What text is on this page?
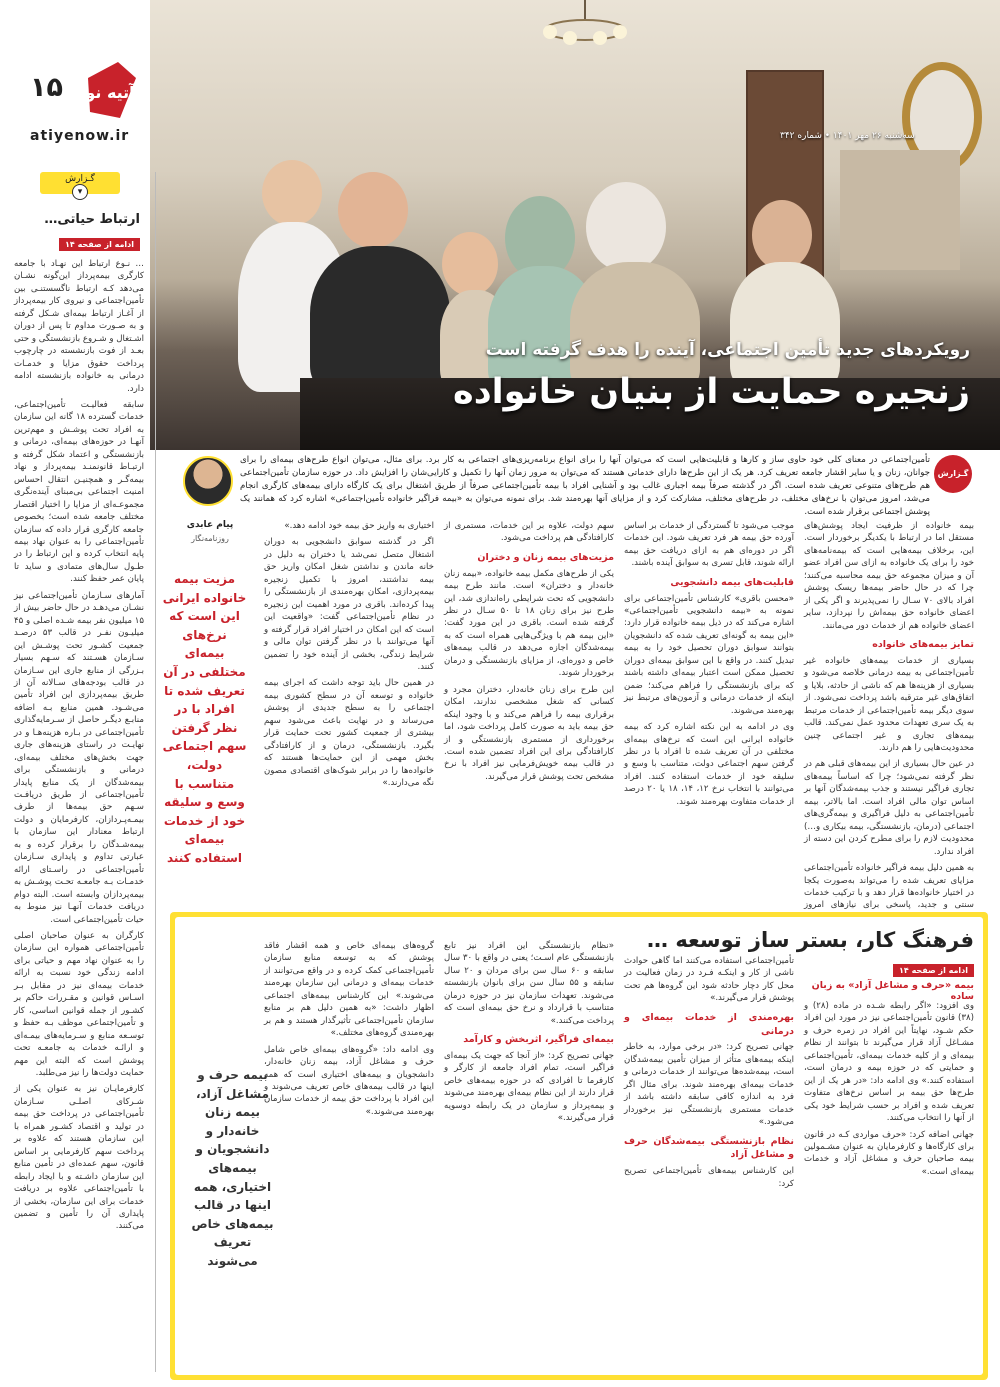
۱۵ آتیه نو
atiyenow.ir
رویکردهای جدید تأمین اجتماعی، آینده را هدف گرفته است
زنجیره حمایت از بنیان خانواده
سه‌شنبه ۲۶ مهر ۱۴۰۱ • شماره ۳۴۲
گـزارش
▾
ارتباط حیاتی…
ادامه از صفحه ۱۴

… نـوع ارتباط این نهـاد با جامعه کارگری بیمه‌پرداز این‌گونه نشـان می‌دهد کـه ارتباط ناگسستنـی بین تأمین‌اجتماعی و نیروی کار بیمه‌پرداز از آغـاز ارتباط بیمه‌ای شـکل گرفته و به صـورت مداوم تا پس از دوران اشـتغال و شـروع بازنشستگی و حتی بعـد از فوت بازنشسته در چارچوب پرداخت حقوق مزایا و خدمـات درمانی به خانواده بازنشسته ادامه دارد.

سابقه فعالیـت تأمین‌اجتماعی، خدمات گسترده ۱۸ گانه این سازمان به افراد تحت پوشـش و مهم‌ترین آنهـا در حوزه‌های بیمه‌ای، درمانی و بازنشستگی و اعتماد شکل گرفته و ارتبـاط قانونمنـد بیمه‌پرداز و نهاد بیمه‌گـر و همچنیـن انتقال احساس امنیت اجتماعی بی‌مبنای آینده‌نگری مجموعـه‌ای از مزایا را اختیار اقتصار مختلف جامعه شده است؛ بخصوص جامعه کارگری قرار داده که سازمان تأمین‌اجتماعی را به عنوان نهاد بیمه پایه انتخاب کرده و این ارتباط را در طـول سال‌های متمادی و ساید تا پایان عمر حفظ کنند.

آمارهای سـازمان تأمین‌اجتماعی نیز نشـان می‌دهـد در حال حاضر بیش از ۱۵ میلیون نفر بیمه شـده اصلی و ۴۵ میلیـون نفـر در قالب ۵۳ درصـد جمعیت کشـور تحت پوشـش این سـازمان هسـتند که سـهم بسیار بـزرگی از منابع جاری این سـازمان در قالب بودجه‌های سـالانه آن از طریق بیمه‌پردازی این افراد تأمین می‌شـود. همین منابع بـه اضافه منابـع دیگـر حاصل از سـرمایه‌گذاری تأمین‌اجتماعی در بـاره هزینه‌هـا و در نهایـت در راستای هزینه‌های جاری جهت بخش‌های مختلف بیمه‌ای، درمانی و بازنشستگی برای بیمه‌شدگان از یک منابع پایدار تأمین‌اجتماعی از طریق دریافـت سـهم حق بیمه‌ها از طرف بیمـه‌پـردازان، کارفرمایان و دولت ارتباط معنادار این سازمان با بیمه‌شـدگان را برقرار کرده و به عبارتی تداوم و پایداری سـازمان تأمین‌اجتماعی در راسـتای ارائه خدمـات بـه جامعـه تحـت پوشـش به بیمه‌پردازان وابسته است. البته دوام دریافت خدمات آنهـا نیز منوط به حیات تأمین‌اجتماعی است.

کارگران به عنوان صاحبان اصلی تأمین‌اجتماعی همواره این سازمان را به عنوان نهاد مهم و حیاتی برای ادامه زندگی خود نسبت به ارائه خدمات بیمه‌ای نیز در مقابل بـر اسـاس قوانین و مقـررات حاکم بر کشـور از جمله قوانین اساسی، کار و تأمین‌اجتماعی موظف بـه حفظ و توسـعه منابع و سـرمایه‌های بیمـه‌ای و ارائـه خدمات به جامعـه تحت پوشش است که البته این مهم حمایت دولت‌ها را نیز می‌طلبد.

کارفرمایـان نیز به عنوان یکی از شـرکای اصلـی سـازمان تأمین‌اجتماعی در پرداخت حق بیمه در تولید و اقتصاد کشـور همراه با این سازمان هستند که علاوه بر پرداخت سهم کارفرمایی بر اساس قانون، سهم عمده‌ای در تأمین منابع این سازمان داشـته و با ایجاد رابطه با تأمین‌اجتماعی علاوه بر دریافت خدمات برای این سازمان، بخشی از پایداری آن را تأمین و تضمین می‌کنند.

گـزارش
تأمین‌اجتماعی در معنای کلی خود حاوی ساز و کارها و قابلیت‌هایی است که می‌توان آنها را برای انواع برنامه‌ریزی‌های اجتماعی به کار برد. برای مثال، می‌توان انواع طرح‌های بیمه‌ای را برای جوانان، زنان و یا سایر اقشار جامعه تعریف کرد. هر یک از این طرح‌ها دارای خدماتی هستند که می‌توان به مرور زمان آنها را تکمیل و کارایی‌شان را افزایش داد. در حوزه سازمان تأمین‌اجتماعی هم طرح‌های متنوعی تعریف شده است. اگر در گذشته صرفاً بیمه اجباری غالب بود و آشنایی افراد با بیمه تأمین‌اجتماعی صرفاً از طریق اشتغال برای یک کارگاه دارای بیمه‌های کارگری انجام می‌شد، امروز می‌توان با نرخ‌های مختلف، در طرح‌های مختلف، مشارکت کرد و از مزایای آنها بهره‌مند شد. برای نمونه می‌توان به «بیمه فراگیر خانواده تأمین‌اجتماعی» اشاره کرد که همانند یک پوشش اجتماعی برقرار شده است.
پیام عابدی
روزنامه‌نگار
مزیت بیمه خانواده ایرانی این است که نرخ‌های بیمه‌ای مختلفی در آن تعریف شده تا افراد با در نظر گرفتن سهم اجتماعی دولت، متناسب با وسع و سلیقه خود از خدمات بیمه‌ای استفاده کنند

بیمه خانواده از ظرفیت ایجاد پوشش‌های مستقل اما در ارتباط با یکدیگر برخوردار است. این، برخلاف بیمه‌هایی است که بیمه‌نامه‌های خود را برای یک خانواده به ازای سن افراد عضو آن و میزان مجموعه حق بیمه محاسبه می‌کنند؛ چرا که در حال حاضر بیمه‌ها ریسک پوشش افراد بالای ۷۰ سـال را نمی‌پذیرند و اگر یکی از اعضای خانواده حق بیمه‌اش را نپردازد، سایر اعضای خانواده هم از خدمات دور می‌مانند.

تمایز بیمه‌های خانواده

بسیاری از خدمات بیمه‌های خانواده غیر تأمین‌اجتماعی به بیمه درمانی خلاصه می‌شود و بسیاری از هزینه‌ها هم که ناشی از حادثه، بلایا و اتفاق‌های غیر مترقبه باشد پرداخت نمی‌شود. از سوی دیگر بیمه تأمین‌اجتماعی از خدمات مرتبط به یک سری تعهدات محدود عمل نمی‌کند. قالب بیمه‌های تجاری و غیر اجتماعی چنین محدودیت‌هایی را هم دارند.

در عین حال بسیاری از این بیمه‌های قبلی هم در نظر گرفته نمی‌شود؛ چرا که اساساً بیمه‌های تجاری فراگیر نیستند و جذب بیمه‌شدگان آنها بر اساس توان مالی افراد است. اما بالاتر، بیمه تأمین‌اجتماعی به دلیل فراگیری و بیمه‌گری‌های اجتماعی (درمان، بازنشستگی، بیمه بیکاری و…) محدودیت لازم را برای مطرح کردن این دسته از افراد ندارد.

به همین دلیل بیمه فراگیر خانواده تأمین‌اجتماعی مزایای تعریف شده را می‌تواند به‌صورت یکجا در اختیار خانواده‌ها قرار دهد و با ترکیب خدمات سنتی و جدید، پاسخی برای نیازهای امروز

موجب می‌شود تا گستردگی از خدمات بر اساس آورده حق بیمه هر فرد تعریف شود. این خدمات اگر در دوره‌ای هم به ازای دریافت حق بیمه ارائه شوند، قابل تسری به سوابق آینده باشند.

قابلیت‌های بیمه دانشجویی

«محسن باقری» کارشناس تأمین‌اجتماعی برای نمونه به «بیمه دانشجویی تأمین‌اجتماعی» اشاره می‌کند که در ذیل بیمه خانواده قرار دارد: «این بیمه به گونه‌ای تعریف شده که دانشجویان بتوانند سوابق دوران تحصیل خود را به بیمه تبدیل کنند. در واقع با این سوابق بیمه‌ای دوران تحصیل ممکن است اعتبار بیمه‌ای داشته باشند که برای بازنشستگی را فراهم می‌کند؛ ضمن اینکه از خدمات درمانی و آزمون‌های مرتبط نیز بهره‌مند می‌شوند.

وی در ادامه به این نکته اشاره کرد که بیمه خانواده ایرانی این است که نرخ‌های بیمه‌ای مختلفی در آن تعریف شده تا افراد با در نظر گرفتن سهم اجتماعی دولت، متناسب با وسع و سلیقه خود از خدمات استفاده کنند. افراد می‌توانند با انتخاب نرخ ۱۲، ۱۴، ۱۸ یا ۲۰ درصد از خدمات متفاوت بهره‌مند شوند.

سهم دولت، علاوه بر این خدمات، مستمری از کارافتادگی هم پرداخت می‌شود.

مزیت‌های بیمه زنان و دختران

یکی از طرح‌های مکمل بیمه خانواده، «بیمه زنان خانه‌دار و دختران» است. مانند طرح بیمه دانشجویی که تحت شرایطی راه‌اندازی شد، این طرح نیز برای زنان ۱۸ تا ۵۰ سـال در نظر گرفته شده است. باقری در این مورد گفت: «این بیمه هم با ویژگی‌هایی همراه است که به بیمه‌شدگان اجازه می‌دهد در قالب بیمه‌های خاص و دوره‌ای، از مزایای بازنشستگی و درمان برخوردار شوند.

این طرح برای زنان خانه‌دار، دختران مجرد و کسانی که شغل مشخصی ندارند، امکان برقراری بیمه را فراهم می‌کند و با وجود اینکه حق بیمه باید به صورت کامل پرداخت شود، اما برخورداری از مستمری بازنشستگی و از کارافتادگی برای این افراد تضمین شده است. در قالب بیمه خویش‌فرمایی نیز افراد با نرخ مشخص تحت پوشش قرار می‌گیرند.

اختیاری به واریز حق بیمه خود ادامه دهد.»

اگر در گذشته سوابق دانشجویی به دوران اشتغال متصل نمی‌شد یا دختران به دلیل در خانه ماندن و نداشتن شغل امکان واریز حق بیمه نداشتند، امروز با تکمیل زنجیره بیمه‌پردازی، امکان بهره‌مندی از بازنشستگی را پیدا کرده‌اند. باقری در مورد اهمیت این زنجیره در نظام تأمین‌اجتماعی گفت: «واقعیت این است که این امکان در اختیار افراد قرار گرفته و آنها می‌توانند با در نظر گرفتن توان مالی و شرایط زندگی، بخشی از آینده خود را تضمین کنند.

در همین حال باید توجه داشت که اجرای بیمه خانواده و توسعه آن در سطح کشوری بیمه اجتماعی را به سطح جدیدی از پوشش می‌رساند و در نهایت باعث می‌شود سهم بیشتری از جمعیت کشور تحت حمایت قرار بگیرد. بازنشستگی، درمان و از کارافتادگی بخش مهمی از این حمایت‌ها هستند که خانواده‌ها را در برابر شوک‌های اقتصادی مصون نگه می‌دارند.»

فرهنگ کار، بستر ساز توسعه …
ادامه از صفحه ۱۴
بیمه «حرف و مشاغل آزاد» به زبان ساده

وی افزود: «اگر رابطه شـده در ماده (۲۸) و (۳۸) قانون تأمین‌اجتماعی نیز در مورد این افراد حکم شـود، نهایتاً این افراد در زمره حرف و مشـاغل آزاد قرار می‌گیرند تا بتوانند از نظام بیمه‌ای و از کلیه خدمات بیمه‌ای، تأمین‌اجتماعی و حمایتی که در حوزه بیمه و درمان است، استفاده کنند.» وی ادامه داد: «در هر یک از این طرح‌ها حق بیمه بر اساس نرخ‌های متفاوت تعریف شده و افراد بر حسب شرایط خود یکی از آنها را انتخاب می‌کنند.

جهانی اضافه کرد: «حرف مواردی کـه در قانون برای کارگاه‌ها و کارفرمایان به عنوان مشـمولین بیمه صاحبان حرف و مشاغل آزاد و خدمات بیمه‌ای است.»

تأمین‌اجتماعی استفاده می‌کنند اما گاهی حوادث ناشی از کار و اینکـه فـرد در زمان فعالیت در محل کار دچار حادثه شود این گروه‌ها هم تحت پوشش قرار می‌گیرند.»

بهره‌مندی از خدمات بیمه‌ای و درمانی

جهانی تصریح کرد: «در برخی موارد، به خاطر اینکه بیمه‌های متأثر از میزان تأمین بیمه‌شدگان است، بیمه‌شده‌ها می‌توانند از خدمات درمانی و خدمات بیمه‌ای بهره‌مند شوند. برای مثال اگر فرد به اندازه کافی سابقه داشته باشد از خدمات مستمری بازنشستگی نیز برخوردار می‌شود.»

نظام بازنشستگی بیمه‌شدگان حرف و مشاغل آزاد

این کارشناس بیمه‌های تأمین‌اجتماعی تصریح کرد:

«نظام بازنشستگی این افراد نیز تابع بازنشستگی عام اسـت؛ یعنی در واقع با ۳۰ سال سابقه و ۶۰ سال سن برای مردان و ۲۰ سال سابقه و ۵۵ سال سن برای بانوان بازنشسته می‌شوند. تعهدات سازمان نیز در حوزه درمان متناسب با قرارداد و نرخ حق بیمه‌ای است که پرداخت می‌کنند.»

بیمه‌ای فراگیر، اثربخش و کارآمد

جهانی تصریح کرد: «از آنجا که جهت یک بیمه‌ای فراگیر است، تمام افراد جامعه از کارگر و کارفرما تا افرادی که در حوزه بیمه‌های خاص قرار دارند از این نظام بیمه‌ای بهره‌مند می‌شوند و بیمه‌پرداز و سازمان در یک رابطه دوسویه قرار می‌گیرند.»

گروه‌های بیمه‌ای خاص و همه اقشار فاقد پوشش که به توسعه منابع سازمان تأمین‌اجتماعی کمک کرده و در واقع می‌توانند از خدمات بیمه‌ای و درمانی این سازمان بهره‌مند می‌شوند.» این کارشناس بیمه‌های اجتماعی اظهار داشت: «به همین دلیل هم بر منابع سازمان تأمین‌اجتماعی تأثیرگذار هستند و هم بر بهره‌مندی گروه‌های مختلف.»

وی ادامه داد: «گروه‌های بیمه‌ای خاص شامل حرف و مشاغل آزاد، بیمه زنان خانه‌دار، دانشجویان و بیمه‌های اختیاری است که همه اینها در قالب بیمه‌های خاص تعریف می‌شوند و این افراد با پرداخت حق بیمه از خدمات سازمان بهره‌مند می‌شوند.»

بیمه حرف و مشاغل آزاد، بیمه زنان خانه‌دار و دانشجویان و بیمه‌های اختیاری، همه اینها در قالب بیمه‌های خاص تعریف می‌شوند
